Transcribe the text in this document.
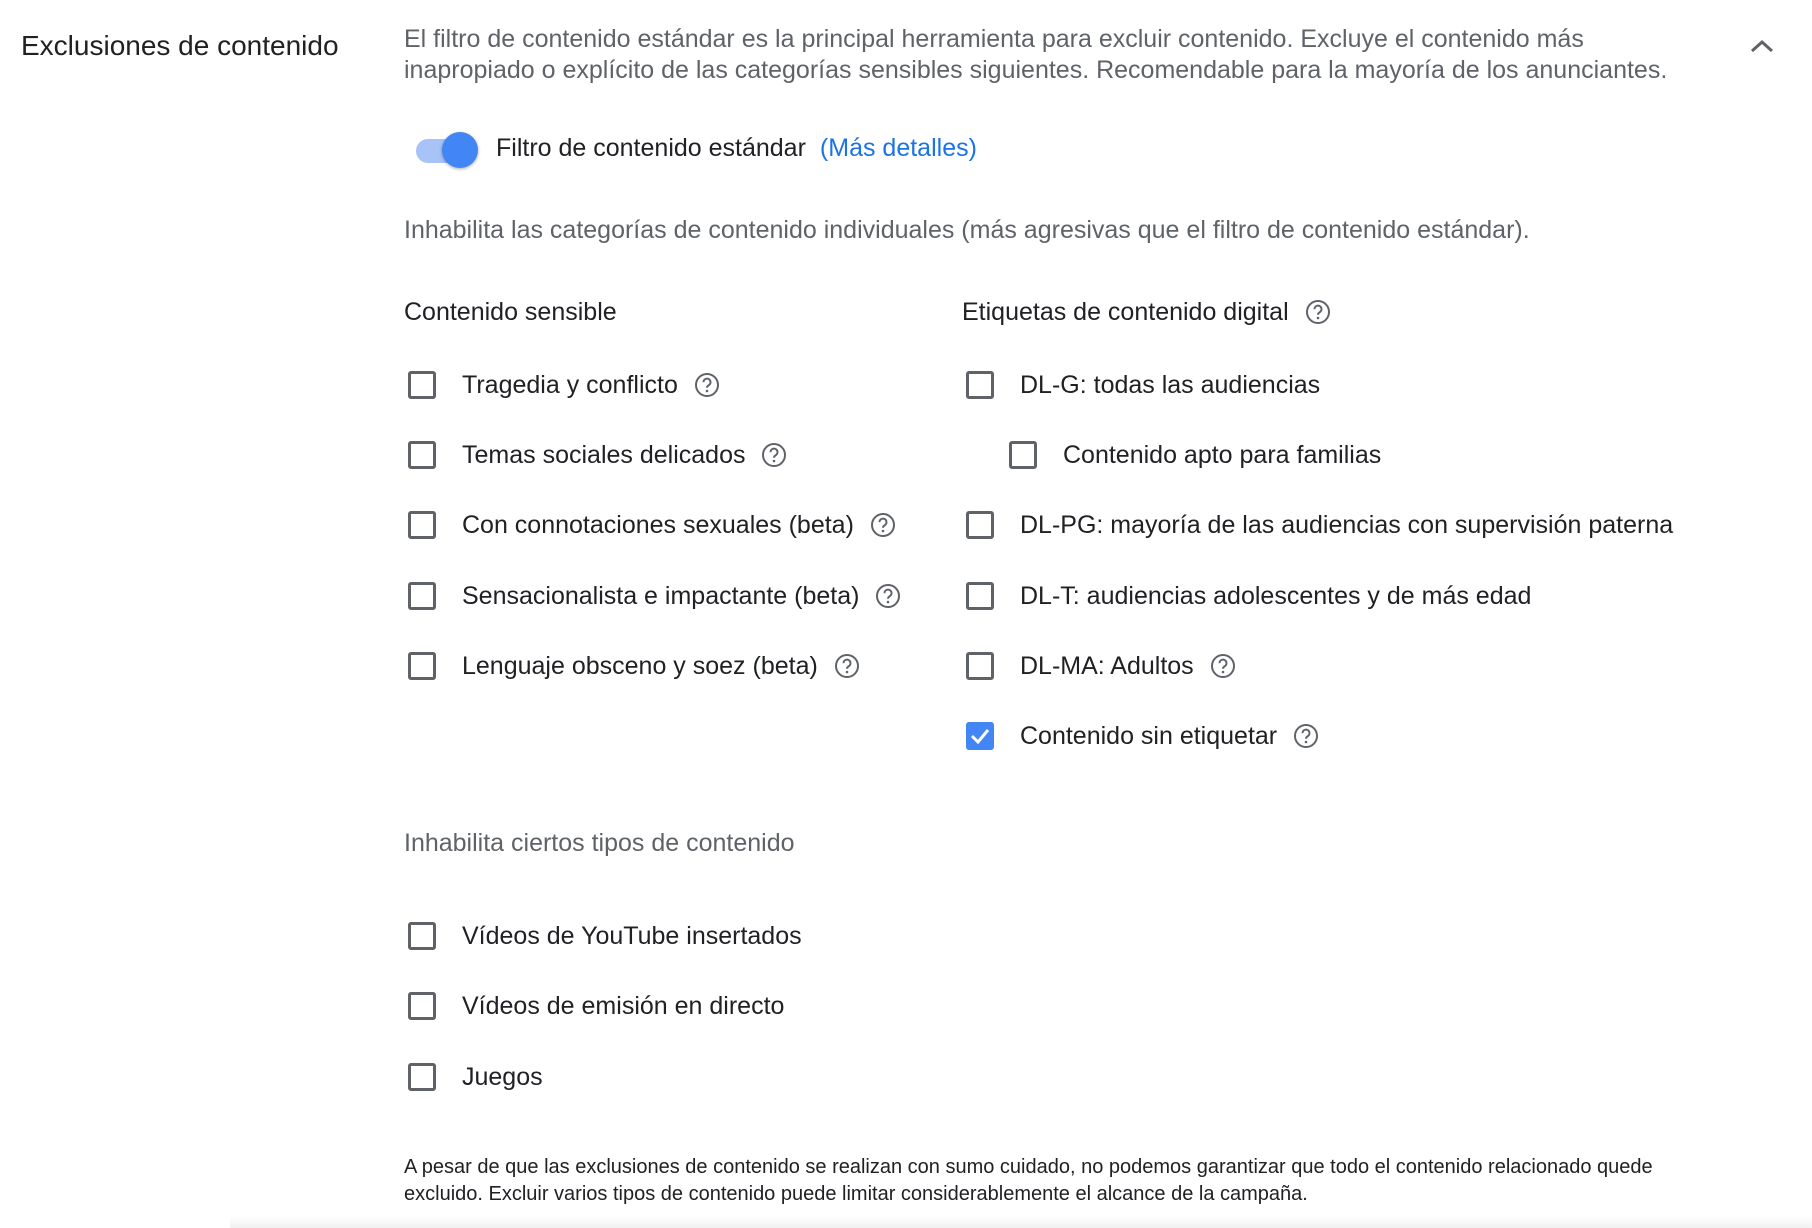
Exclusiones de contenido	El filtro de contenido estándar es la principal herramienta para excluir contenido. Excluye el contenido más inapropiado o explícito de las categorías sensibles siguientes. Recomendable para la mayoría de los anunciantes.
Filtro de contenido estándar (Más detalles)
Inhabilita las categorías de contenido individuales (más agresivas que el filtro de contenido estándar).
Contenido sensible
Tragedia y conflicto
Temas sociales delicados
Con connotaciones sexuales (beta)
Sensacionalista e impactante (beta)
Lenguaje obsceno y soez (beta)
Etiquetas de contenido digital
DL-G: todas las audiencias
Contenido apto para familias
DL-PG: mayoría de las audiencias con supervisión paterna
DL-T: audiencias adolescentes y de más edad
DL-MA: Adultos
Contenido sin etiquetar
Inhabilita ciertos tipos de contenido
Vídeos de YouTube insertados
Vídeos de emisión en directo
Juegos
A pesar de que las exclusiones de contenido se realizan con sumo cuidado, no podemos garantizar que todo el contenido relacionado quede excluido. Excluir varios tipos de contenido puede limitar considerablemente el alcance de la campaña.
